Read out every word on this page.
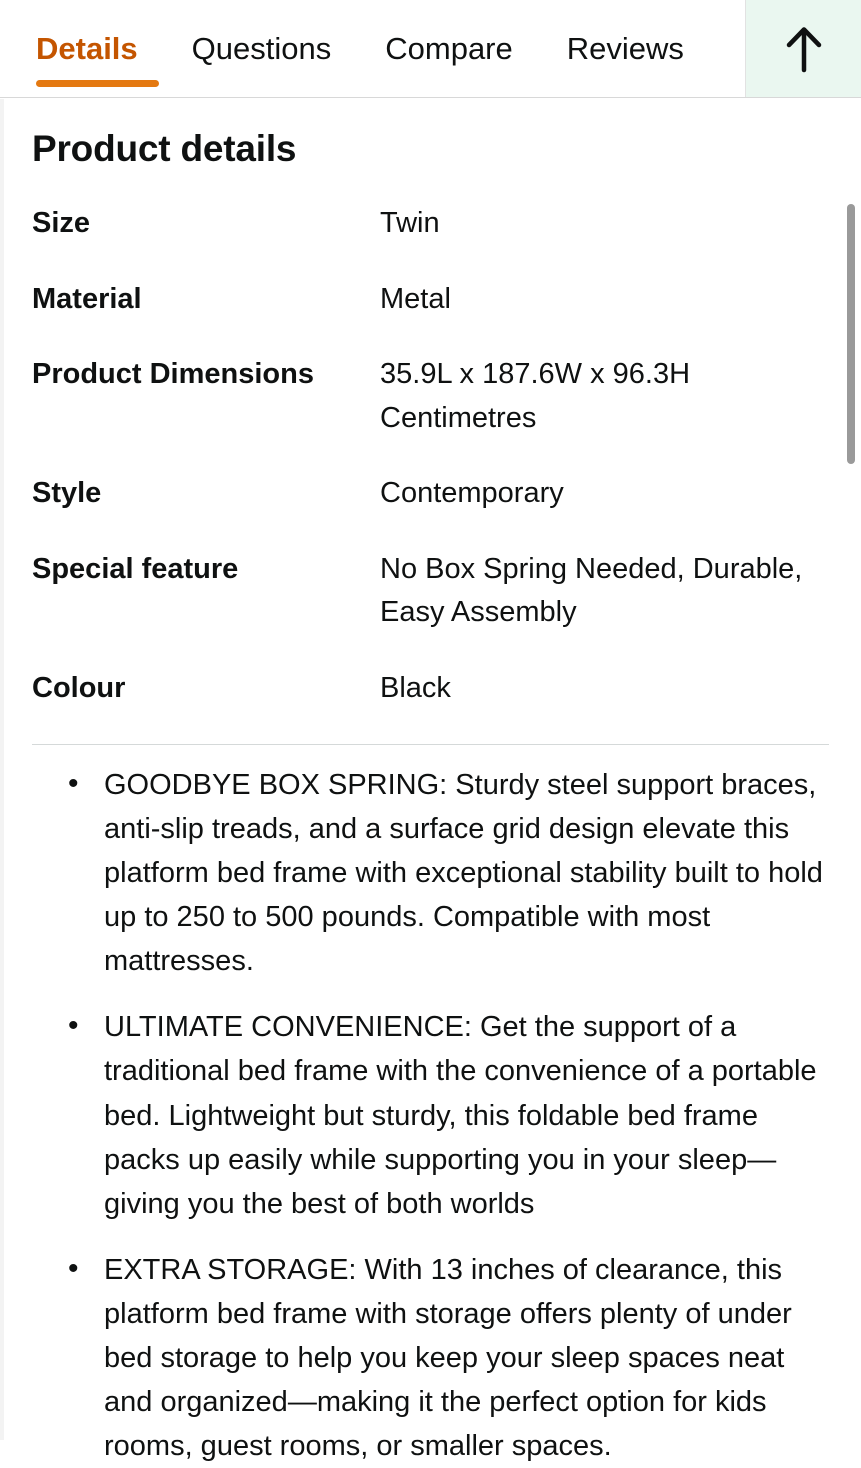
Details Questions Compare Reviews
Product details
Size	Twin
Material	Metal
Product Dimensions	35.9L x 187.6W x 96.3H Centimetres
Style	Contemporary
Special feature	No Box Spring Needed, Durable, Easy Assembly
Colour	Black
• GOODBYE BOX SPRING: Sturdy steel support braces, anti-slip treads, and a surface grid design elevate this platform bed frame with exceptional stability built to hold up to 250 to 500 pounds. Compatible with most mattresses.
• ULTIMATE CONVENIENCE: Get the support of a traditional bed frame with the convenience of a portable bed. Lightweight but sturdy, this foldable bed frame packs up easily while supporting you in your sleep—giving you the best of both worlds
• EXTRA STORAGE: With 13 inches of clearance, this platform bed frame with storage offers plenty of under bed storage to help you keep your sleep spaces neat and organized—making it the perfect option for kids rooms, guest rooms, or smaller spaces.
